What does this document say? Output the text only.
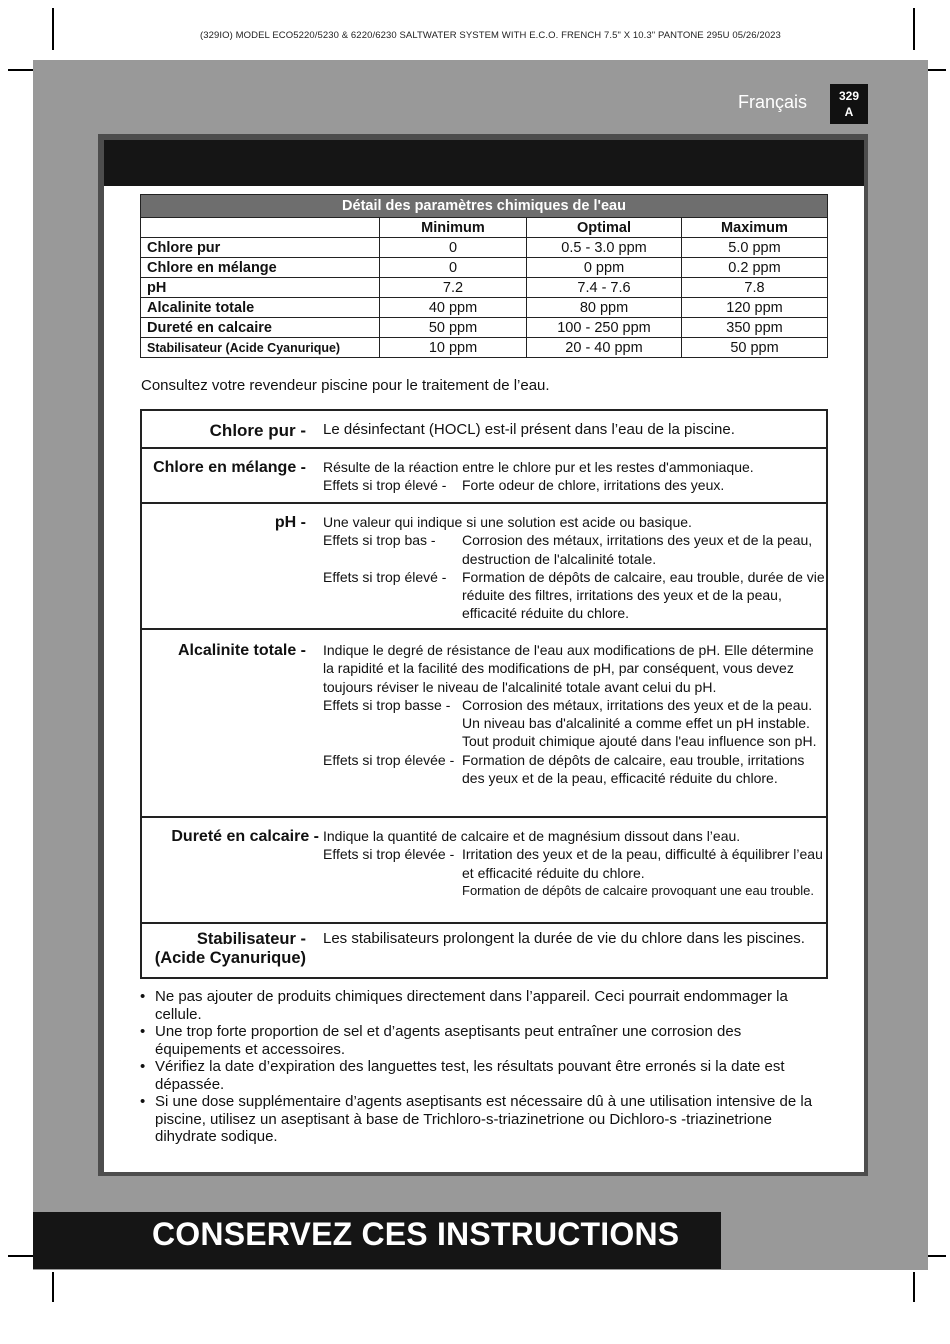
(329IO) MODEL ECO5220/5230 & 6220/6230 SALTWATER SYSTEM WITH E.C.O. FRENCH 7.5" X 10.3" PANTONE 295U 05/26/2023
Français	329
A
Détail des paramètres chimiques de l'eau			
	Minimum	Optimal	Maximum
Chlore pur	0	0.5 - 3.0 ppm	5.0 ppm
Chlore en mélange	0	0 ppm	0.2 ppm
pH	7.2	7.4 - 7.6	7.8
Alcalinite totale	40 ppm	80 ppm	120 ppm
Dureté en calcaire	50 ppm	100 - 250 ppm	350 ppm
Stabilisateur (Acide Cyanurique)	10 ppm	20 - 40 ppm	50 ppm
Consultez votre revendeur piscine pour le traitement de l’eau.
Chlore pur - Le désinfectant (HOCL) est-il présent dans l’eau de la piscine.
Chlore en mélange - Résulte de la réaction entre le chlore pur et les restes d'ammoniaque.
Effets si trop élevé - Forte odeur de chlore, irritations des yeux.
pH - Une valeur qui indique si une solution est acide ou basique.
Effets si trop bas - Corrosion des métaux, irritations des yeux et de la peau, destruction de l'alcalinité totale.
Effets si trop élevé - Formation de dépôts de calcaire, eau trouble, durée de vie réduite des filtres, irritations des yeux et de la peau, efficacité réduite du chlore.
Alcalinite totale - Indique le degré de résistance de l'eau aux modifications de pH. Elle détermine la rapidité et la facilité des modifications de pH, par conséquent, vous devez toujours réviser le niveau de l'alcalinité totale avant celui du pH.
Effets si trop basse - Corrosion des métaux, irritations des yeux et de la peau. Un niveau bas d'alcalinité a comme effet un pH instable. Tout produit chimique ajouté dans l'eau influence son pH.
Effets si trop élevée - Formation de dépôts de calcaire, eau trouble, irritations des yeux et de la peau, efficacité réduite du chlore.
Dureté en calcaire - Indique la quantité de calcaire et de magnésium dissout dans l’eau.
Effets si trop élevée - Irritation des yeux et de la peau, difficulté à équilibrer l’eau et efficacité réduite du chlore.
Formation de dépôts de calcaire provoquant une eau trouble.
Stabilisateur -
(Acide Cyanurique)
Les stabilisateurs prolongent la durée de vie du chlore dans les piscines.
• Ne pas ajouter de produits chimiques directement dans l’appareil. Ceci pourrait endommager la cellule.
• Une trop forte proportion de sel et d’agents aseptisants peut entraîner une corrosion des équipements et accessoires.
• Vérifiez la date d’expiration des languettes test, les résultats pouvant être erronés si la date est dépassée.
• Si une dose supplémentaire d’agents aseptisants est nécessaire dû à une utilisation intensive de la piscine, utilisez un aseptisant à base de Trichloro-s-triazinetrione ou Dichloro-s -triazinetrione dihydrate sodique.
CONSERVEZ CES INSTRUCTIONS
